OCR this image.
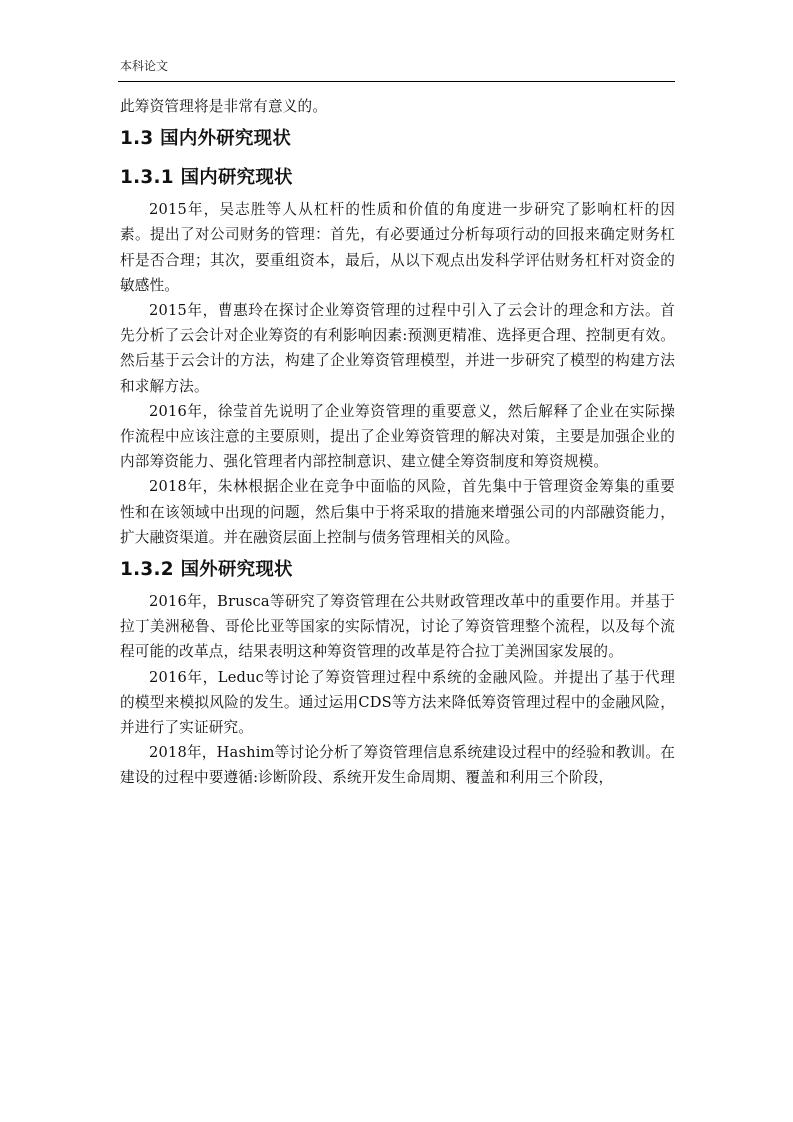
本科论文

此筹资管理将是非常有意义的。

1.3 国内外研究现状
1.3.1 国内研究现状

2015年，吴志胜等人从杠杆的性质和价值的角度进一步研究了影响杠杆的因素。提出了对公司财务的管理：首先，有必要通过分析每项行动的回报来确定财务杠杆是否合理；其次，要重组资本，最后，从以下观点出发科学评估财务杠杆对资金的敏感性。

2015年，曹惠玲在探讨企业筹资管理的过程中引入了云会计的理念和方法。首先分析了云会计对企业筹资的有利影响因素:预测更精准、选择更合理、控制更有效。然后基于云会计的方法，构建了企业筹资管理模型，并进一步研究了模型的构建方法和求解方法。

2016年，徐莹首先说明了企业筹资管理的重要意义，然后解释了企业在实际操作流程中应该注意的主要原则，提出了企业筹资管理的解决对策，主要是加强企业的内部筹资能力、强化管理者内部控制意识、建立健全筹资制度和筹资规模。

2018年，朱林根据企业在竞争中面临的风险，首先集中于管理资金筹集的重要性和在该领域中出现的问题，然后集中于将采取的措施来增强公司的内部融资能力，扩大融资渠道。并在融资层面上控制与债务管理相关的风险。

1.3.2 国外研究现状

2016年，Brusca等研究了筹资管理在公共财政管理改革中的重要作用。并基于拉丁美洲秘鲁、哥伦比亚等国家的实际情况，讨论了筹资管理整个流程，以及每个流程可能的改革点，结果表明这种筹资管理的改革是符合拉丁美洲国家发展的。

2016年，Leduc等讨论了筹资管理过程中系统的金融风险。并提出了基于代理的模型来模拟风险的发生。通过运用CDS等方法来降低筹资管理过程中的金融风险，并进行了实证研究。

2018年，Hashim等讨论分析了筹资管理信息系统建设过程中的经验和教训。在建设的过程中要遵循:诊断阶段、系统开发生命周期、覆盖和利用三个阶段，
